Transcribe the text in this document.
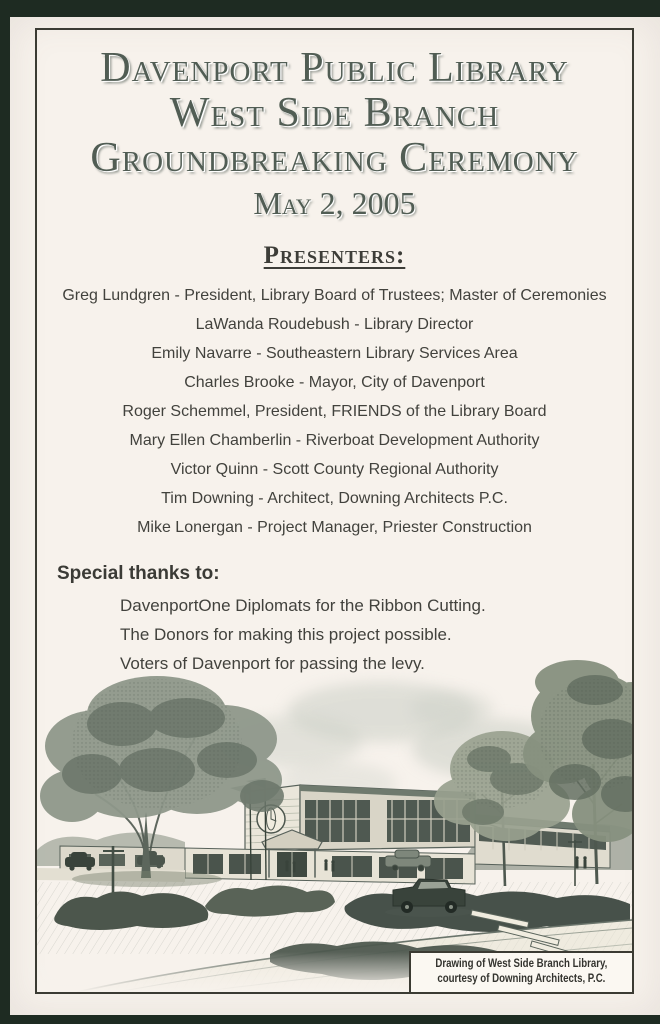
Davenport Public Library
West Side Branch
Groundbreaking Ceremony
May 2, 2005
Presenters:
Greg Lundgren - President, Library Board of Trustees; Master of Ceremonies
LaWanda Roudebush - Library Director
Emily Navarre - Southeastern Library Services Area
Charles Brooke - Mayor, City of Davenport
Roger Schemmel, President, FRIENDS of the Library Board
Mary Ellen Chamberlin - Riverboat Development Authority
Victor Quinn - Scott County Regional Authority
Tim Downing - Architect, Downing Architects P.C.
Mike Lonergan - Project Manager, Priester Construction
Special thanks to:
DavenportOne Diplomats for the Ribbon Cutting.
The Donors for making this project possible.
Voters of Davenport for passing the levy.
Drawing of West Side Branch Library,
courtesy of Downing Architects, P.C.
